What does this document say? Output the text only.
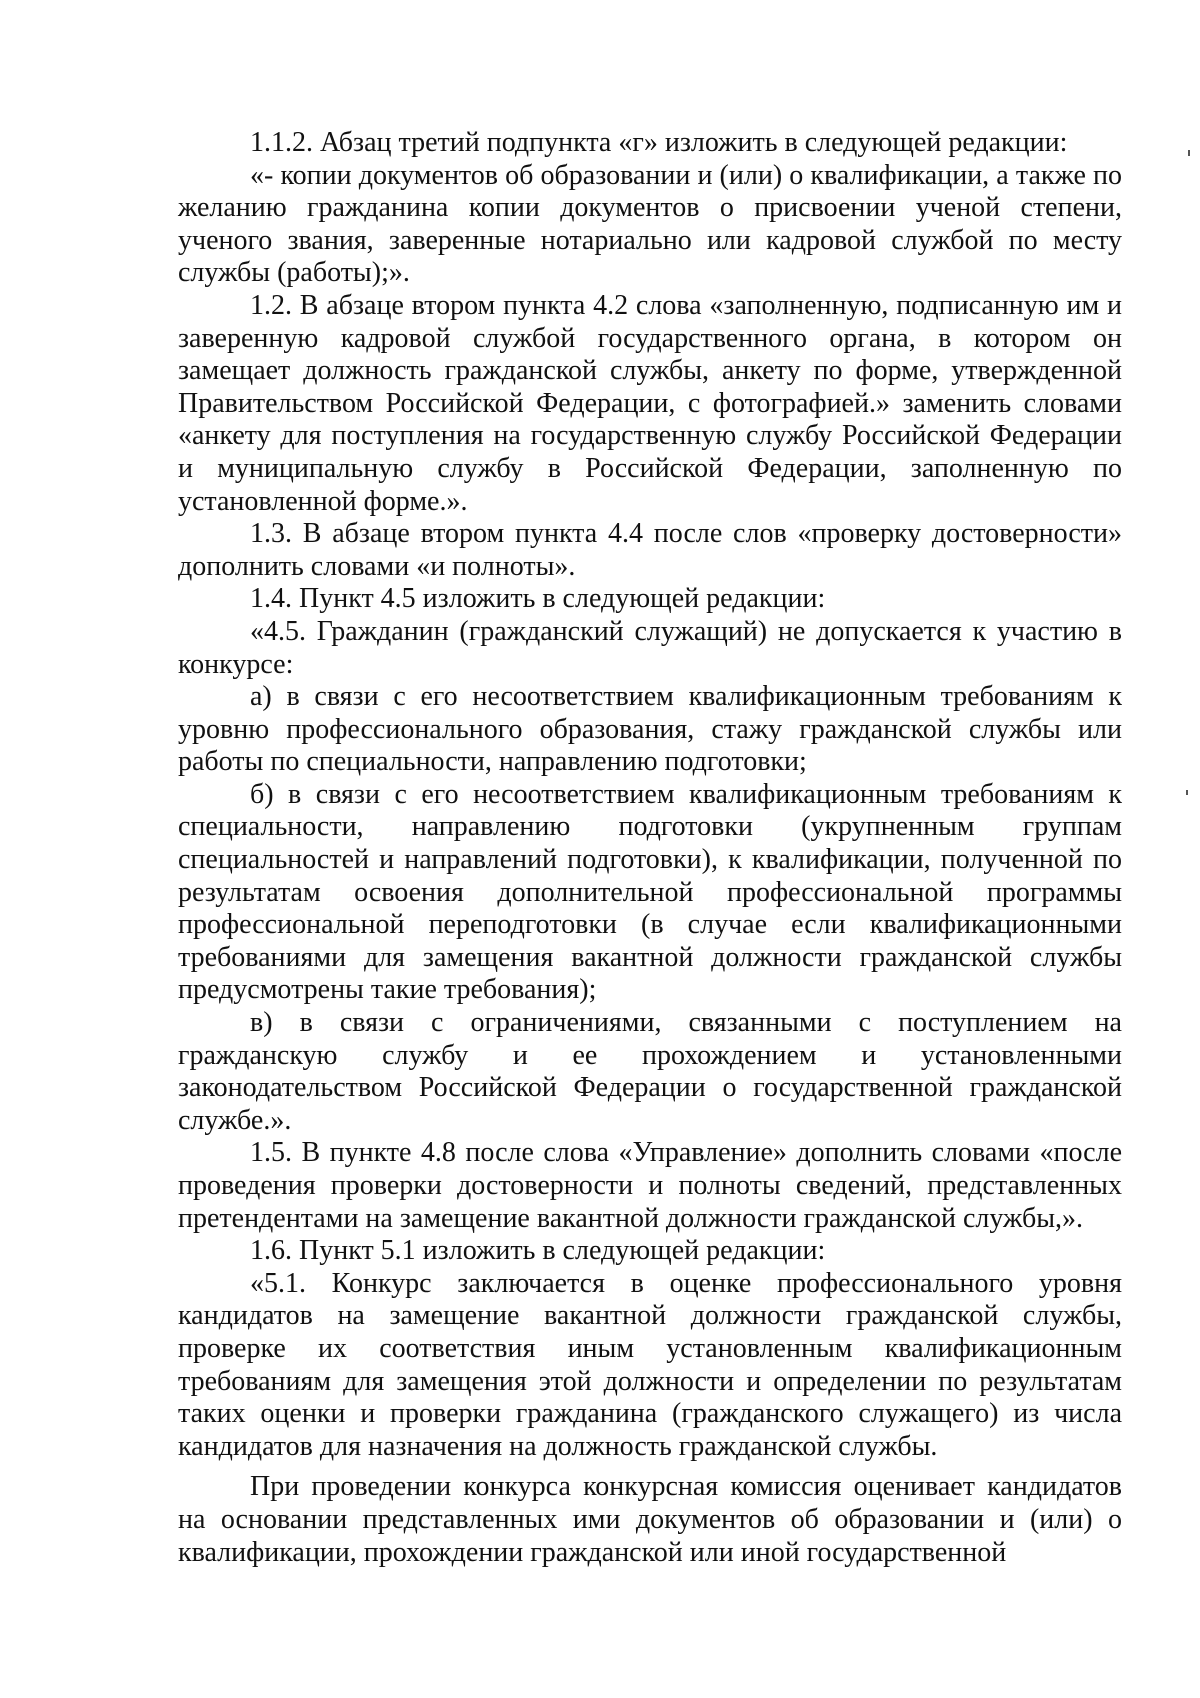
1.1.2. Абзац третий подпункта «г» изложить в следующей редакции:

«- копии документов об образовании и (или) о квалификации, а также по желанию гражданина копии документов о присвоении ученой степени, ученого звания, заверенные нотариально или кадровой службой по месту службы (работы);».

1.2. В абзаце втором пункта 4.2 слова «заполненную, подписанную им и заверенную кадровой службой государственного органа, в котором он замещает должность гражданской службы, анкету по форме, утвержденной Правительством Российской Федерации, с фотографией.» заменить словами «анкету для поступления на государственную службу Российской Федерации и муниципальную службу в Российской Федерации, заполненную по установленной форме.».

1.3. В абзаце втором пункта 4.4 после слов «проверку достоверности» дополнить словами «и полноты».

1.4. Пункт 4.5 изложить в следующей редакции:

«4.5. Гражданин (гражданский служащий) не допускается к участию в конкурсе:

а) в связи с его несоответствием квалификационным требованиям к уровню профессионального образования, стажу гражданской службы или работы по специальности, направлению подготовки;

б) в связи с его несоответствием квалификационным требованиям к специальности, направлению подготовки (укрупненным группам специальностей и направлений подготовки), к квалификации, полученной по результатам освоения дополнительной профессиональной программы профессиональной переподготовки (в случае если квалификационными требованиями для замещения вакантной должности гражданской службы предусмотрены такие требования);

в) в связи с ограничениями, связанными с поступлением на гражданскую службу и ее прохождением и установленными законодательством Российской Федерации о государственной гражданской службе.».

1.5. В пункте 4.8 после слова «Управление» дополнить словами «после проведения проверки достоверности и полноты сведений, представленных претендентами на замещение вакантной должности гражданской службы,».

1.6. Пункт 5.1 изложить в следующей редакции:

«5.1. Конкурс заключается в оценке профессионального уровня кандидатов на замещение вакантной должности гражданской службы, проверке их соответствия иным установленным квалификационным требованиям для замещения этой должности и определении по результатам таких оценки и проверки гражданина (гражданского служащего) из числа кандидатов для назначения на должность гражданской службы.

При проведении конкурса конкурсная комиссия оценивает кандидатов на основании представленных ими документов об образовании и (или) о квалификации, прохождении гражданской или иной государственной
